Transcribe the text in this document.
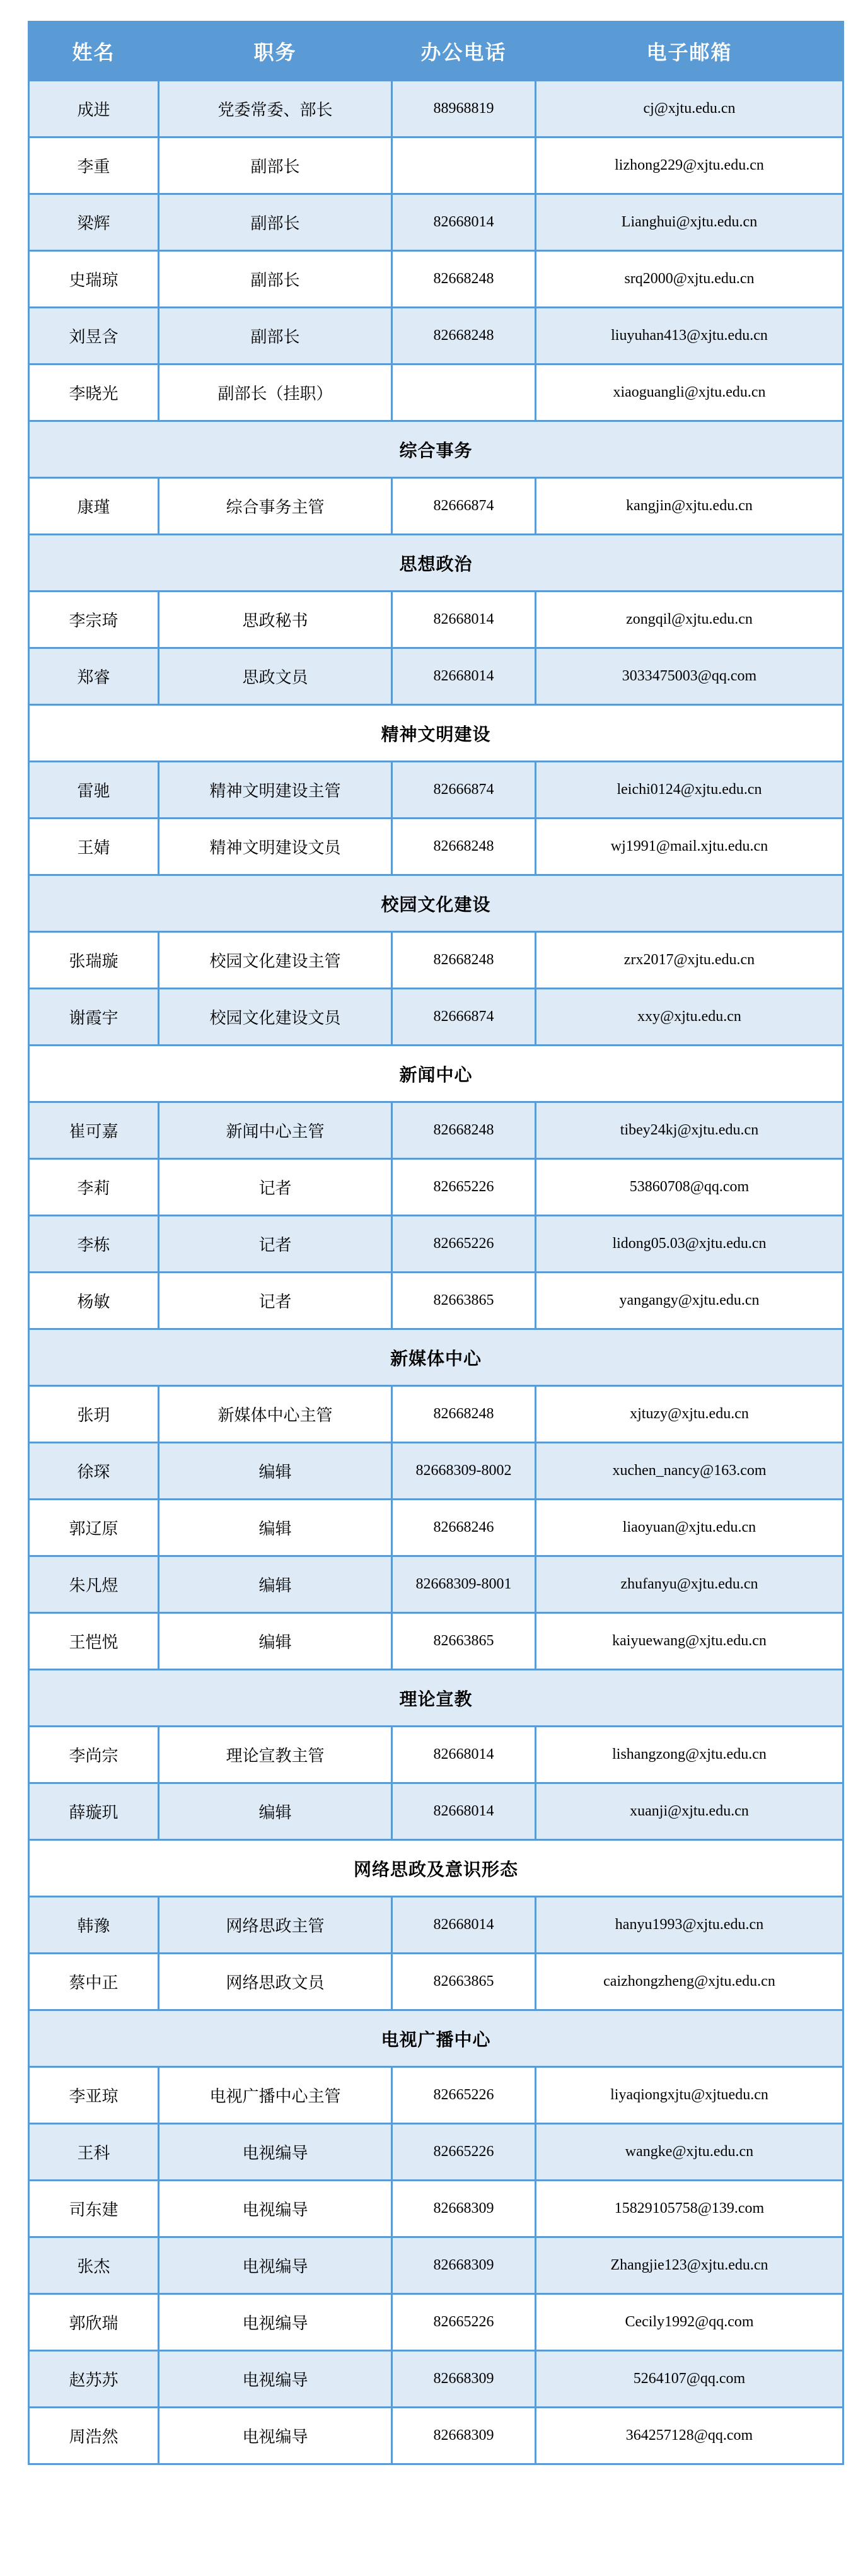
姓名	职务	办公电话	电子邮箱
成进	党委常委、部长	88968819	cj@xjtu.edu.cn
李重	副部长		lizhong229@xjtu.edu.cn
梁辉	副部长	82668014	Lianghui@xjtu.edu.cn
史瑞琼	副部长	82668248	srq2000@xjtu.edu.cn
刘昱含	副部长	82668248	liuyuhan413@xjtu.edu.cn
李晓光	副部长（挂职）		xiaoguangli@xjtu.edu.cn
综合事务			
康瑾	综合事务主管	82666874	kangjin@xjtu.edu.cn
思想政治			
李宗琦	思政秘书	82668014	zongqil@xjtu.edu.cn
郑睿	思政文员	82668014	3033475003@qq.com
精神文明建设			
雷驰	精神文明建设主管	82666874	leichi0124@xjtu.edu.cn
王婧	精神文明建设文员	82668248	wj1991@mail.xjtu.edu.cn
校园文化建设			
张瑞璇	校园文化建设主管	82668248	zrx2017@xjtu.edu.cn
谢霞宇	校园文化建设文员	82666874	xxy@xjtu.edu.cn
新闻中心			
崔可嘉	新闻中心主管	82668248	tibey24kj@xjtu.edu.cn
李莉	记者	82665226	53860708@qq.com
李栋	记者	82665226	lidong05.03@xjtu.edu.cn
杨敏	记者	82663865	yangangy@xjtu.edu.cn
新媒体中心			
张玥	新媒体中心主管	82668248	xjtuzy@xjtu.edu.cn
徐琛	编辑	82668309-8002	xuchen_nancy@163.com
郭辽原	编辑	82668246	liaoyuan@xjtu.edu.cn
朱凡煜	编辑	82668309-8001	zhufanyu@xjtu.edu.cn
王恺悦	编辑	82663865	kaiyuewang@xjtu.edu.cn
理论宣教			
李尚宗	理论宣教主管	82668014	lishangzong@xjtu.edu.cn
薛璇玑	编辑	82668014	xuanji@xjtu.edu.cn
网络思政及意识形态			
韩豫	网络思政主管	82668014	hanyu1993@xjtu.edu.cn
蔡中正	网络思政文员	82663865	caizhongzheng@xjtu.edu.cn
电视广播中心			
李亚琼	电视广播中心主管	82665226	liyaqiongxjtu@xjtuedu.cn
王科	电视编导	82665226	wangke@xjtu.edu.cn
司东建	电视编导	82668309	15829105758@139.com
张杰	电视编导	82668309	Zhangjie123@xjtu.edu.cn
郭欣瑞	电视编导	82665226	Cecily1992@qq.com
赵苏苏	电视编导	82668309	5264107@qq.com
周浩然	电视编导	82668309	364257128@qq.com
